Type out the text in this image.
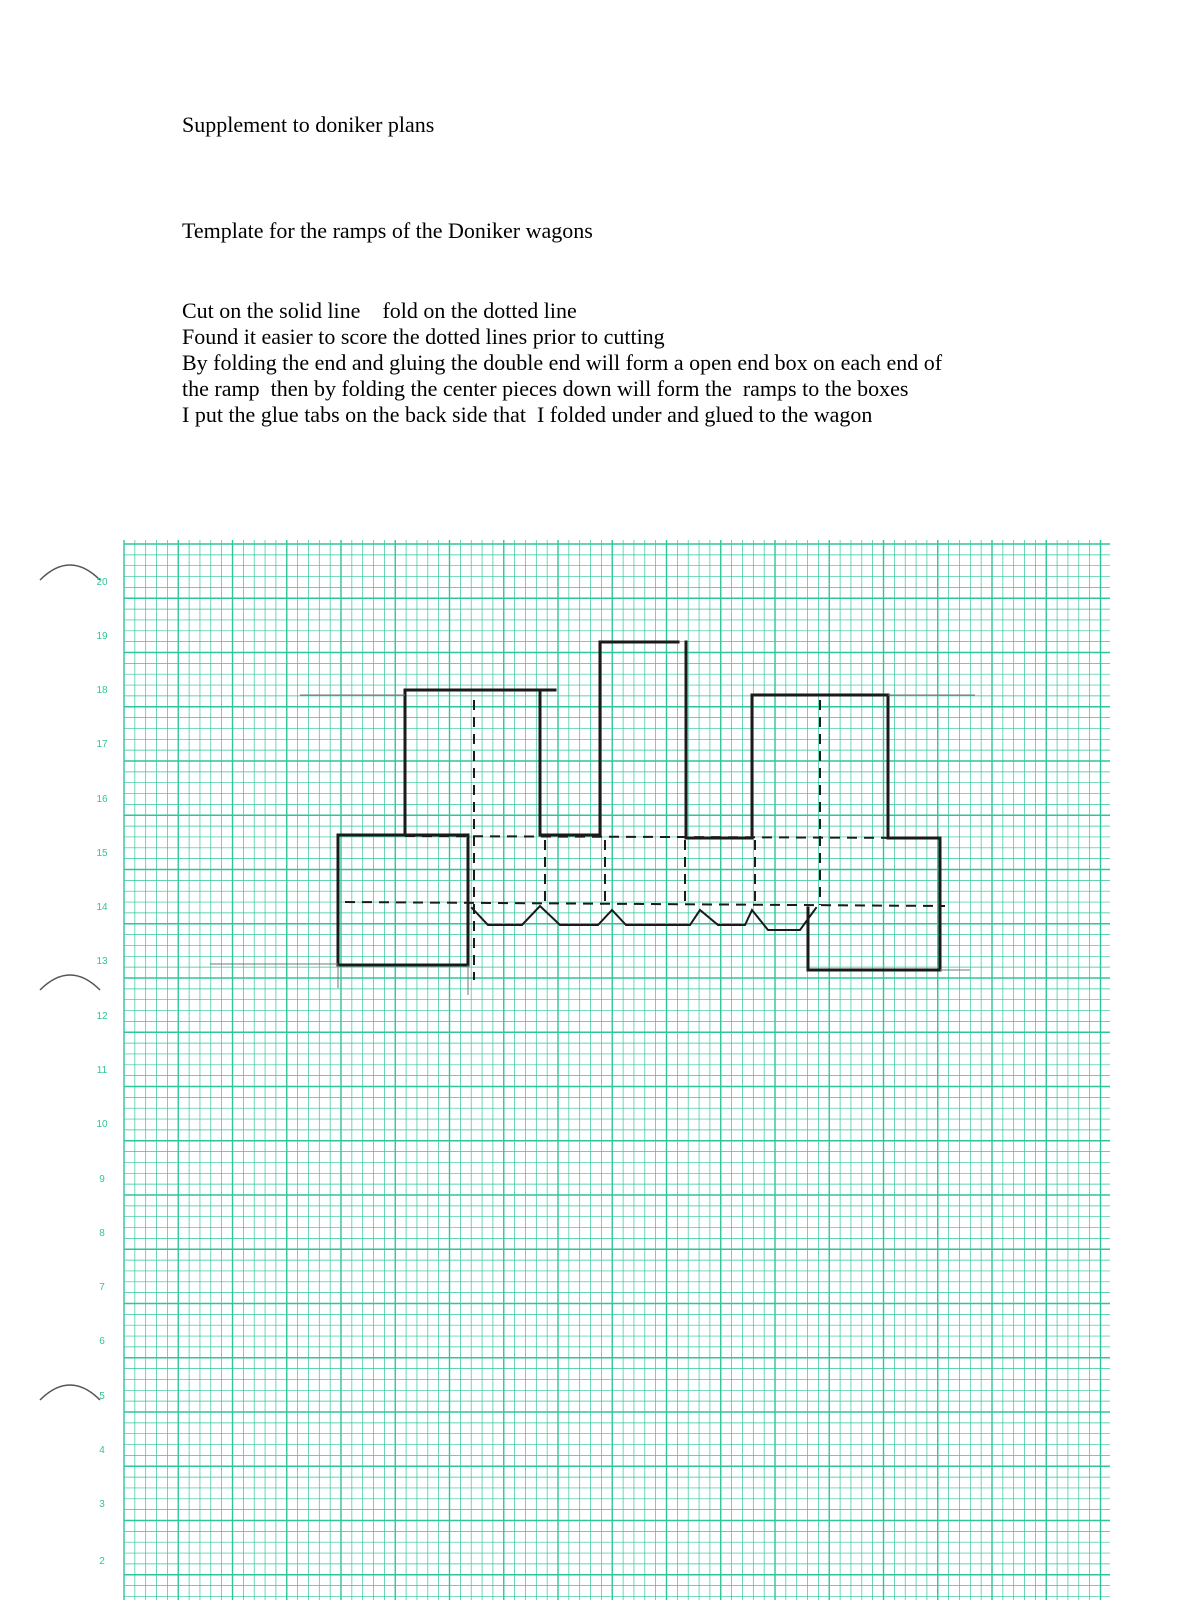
Supplement to doniker plans
Template for the ramps of the Doniker wagons
Cut on the solid line    fold on the dotted line
Found it easier to score the dotted lines prior to cutting
By folding the end and gluing the double end will form a open end box on each end of
the ramp  then by folding the center pieces down will form the  ramps to the boxes
I put the glue tabs on the back side that  I folded under and glued to the wagon
20
19
18
17
16
15
14
13
12
11
10
9
8
7
6
5
4
3
2
